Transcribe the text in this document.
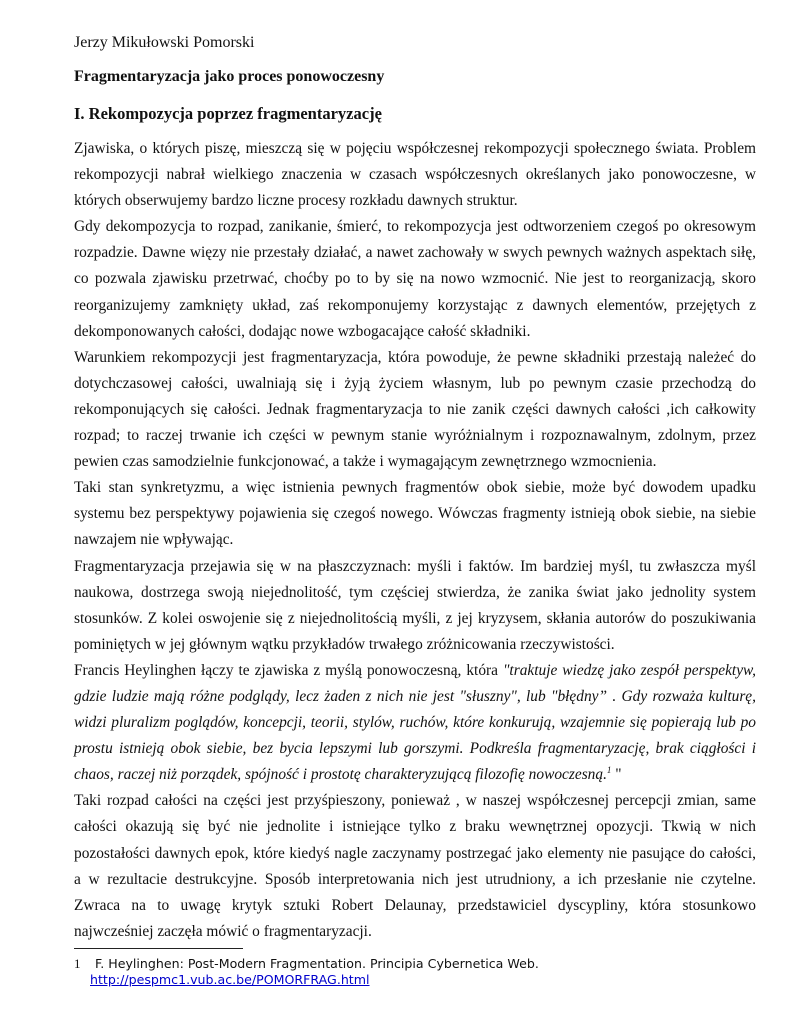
Jerzy Mikułowski Pomorski
Fragmentaryzacja jako proces ponowoczesny
I. Rekompozycja poprzez fragmentaryzację

Zjawiska, o których piszę, mieszczą się w pojęciu współczesnej rekompozycji społecznego świata. Problem rekompozycji nabrał wielkiego znaczenia w czasach współczesnych określanych jako ponowoczesne, w których obserwujemy bardzo liczne procesy rozkładu dawnych struktur.

Gdy dekompozycja to rozpad, zanikanie, śmierć, to rekompozycja jest odtworzeniem czegoś po okresowym rozpadzie. Dawne więzy nie przestały działać, a nawet zachowały w swych pewnych ważnych aspektach siłę, co pozwala zjawisku przetrwać, choćby po to by się na nowo wzmocnić. Nie jest to reorganizacją, skoro reorganizujemy zamknięty układ, zaś rekomponujemy korzystając z dawnych elementów, przejętych z dekomponowanych całości, dodając nowe wzbogacające całość składniki.

Warunkiem rekompozycji jest fragmentaryzacja, która powoduje, że pewne składniki przestają należeć do dotychczasowej całości, uwalniają się i żyją życiem własnym, lub po pewnym czasie przechodzą do rekomponujących się całości. Jednak fragmentaryzacja to nie zanik części dawnych całości ,ich całkowity rozpad; to raczej trwanie ich części w pewnym stanie wyróżnialnym i rozpoznawalnym, zdolnym, przez pewien czas samodzielnie funkcjonować, a także i wymagającym zewnętrznego wzmocnienia.

Taki stan synkretyzmu, a więc istnienia pewnych fragmentów obok siebie, może być dowodem upadku systemu bez perspektywy pojawienia się czegoś nowego. Wówczas fragmenty istnieją obok siebie, na siebie nawzajem nie wpływając.

Fragmentaryzacja przejawia się w na płaszczyznach: myśli i faktów. Im bardziej myśl, tu zwłaszcza myśl naukowa, dostrzega swoją niejednolitość, tym częściej stwierdza, że zanika świat jako jednolity system stosunków. Z kolei oswojenie się z niejednolitością myśli, z jej kryzysem, skłania autorów do poszukiwania pominiętych w jej głównym wątku przykładów trwałego zróżnicowania rzeczywistości.

Francis Heylinghen łączy te zjawiska z myślą ponowoczesną, która "traktuje wiedzę jako zespół perspektyw, gdzie ludzie mają różne podglądy, lecz żaden z nich nie jest "słuszny", lub "błędny” . Gdy rozważa kulturę, widzi pluralizm poglądów, koncepcji, teorii, stylów, ruchów, które konkurują, wzajemnie się popierają lub po prostu istnieją obok siebie, bez bycia lepszymi lub gorszymi. Podkreśla fragmentaryzację, brak ciągłości i chaos, raczej niż porządek, spójność i prostotę charakteryzującą filozofię nowoczesną.$^1$ "

Taki rozpad całości na części jest przyśpieszony, ponieważ , w naszej współczesnej percepcji zmian, same całości okazują się być nie jednolite i istniejące tylko z braku wewnętrznej opozycji. Tkwią w nich pozostałości dawnych epok, które kiedyś nagle zaczynamy postrzegać jako elementy nie pasujące do całości, a w rezultacie destrukcyjne. Sposób interpretowania nich jest utrudniony, a ich przesłanie nie czytelne. Zwraca na to uwagę krytyk sztuki Robert Delaunay, przedstawiciel dyscypliny, która stosunkowo najwcześniej zaczęła mówić o fragmentaryzacji.

1 F. Heylinghen: Post-Modern Fragmentation. Principia Cybernetica Web.
http://pespmc1.vub.ac.be/POMORFRAG.html
